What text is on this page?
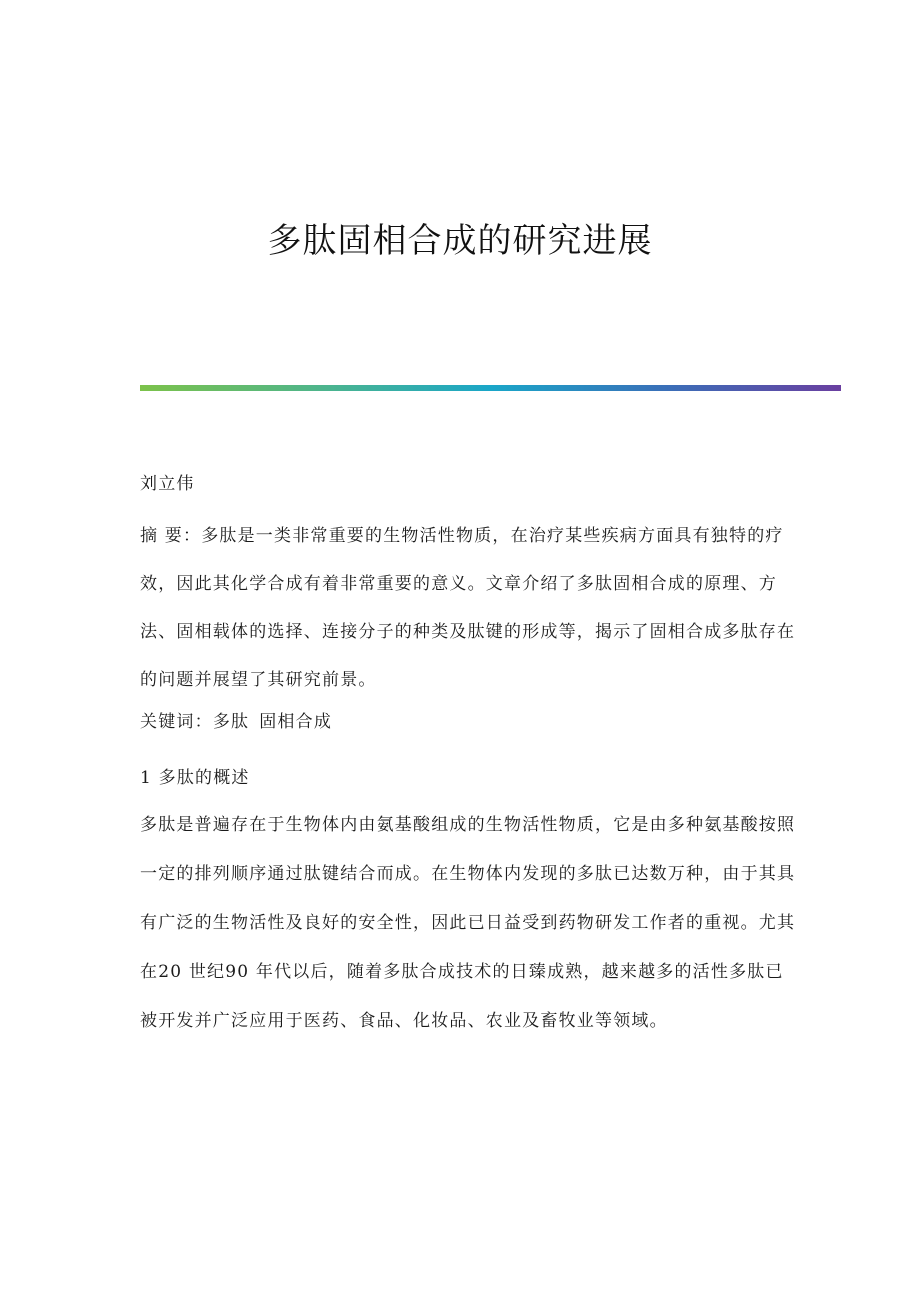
多肽固相合成的研究进展

刘立伟

摘 要：多肽是一类非常重要的生物活性物质，在治疗某些疾病方面具有独特的疗效，因此其化学合成有着非常重要的意义。文章介绍了多肽固相合成的原理、方法、固相载体的选择、连接分子的种类及肽键的形成等，揭示了固相合成多肽存在的问题并展望了其研究前景。

关键词：多肽 固相合成

1 多肽的概述

多肽是普遍存在于生物体内由氨基酸组成的生物活性物质，它是由多种氨基酸按照一定的排列顺序通过肽键结合而成。在生物体内发现的多肽已达数万种，由于其具有广泛的生物活性及良好的安全性，因此已日益受到药物研发工作者的重视。尤其在20 世纪90 年代以后，随着多肽合成技术的日臻成熟，越来越多的活性多肽已被开发并广泛应用于医药、食品、化妆品、农业及畜牧业等领域。
